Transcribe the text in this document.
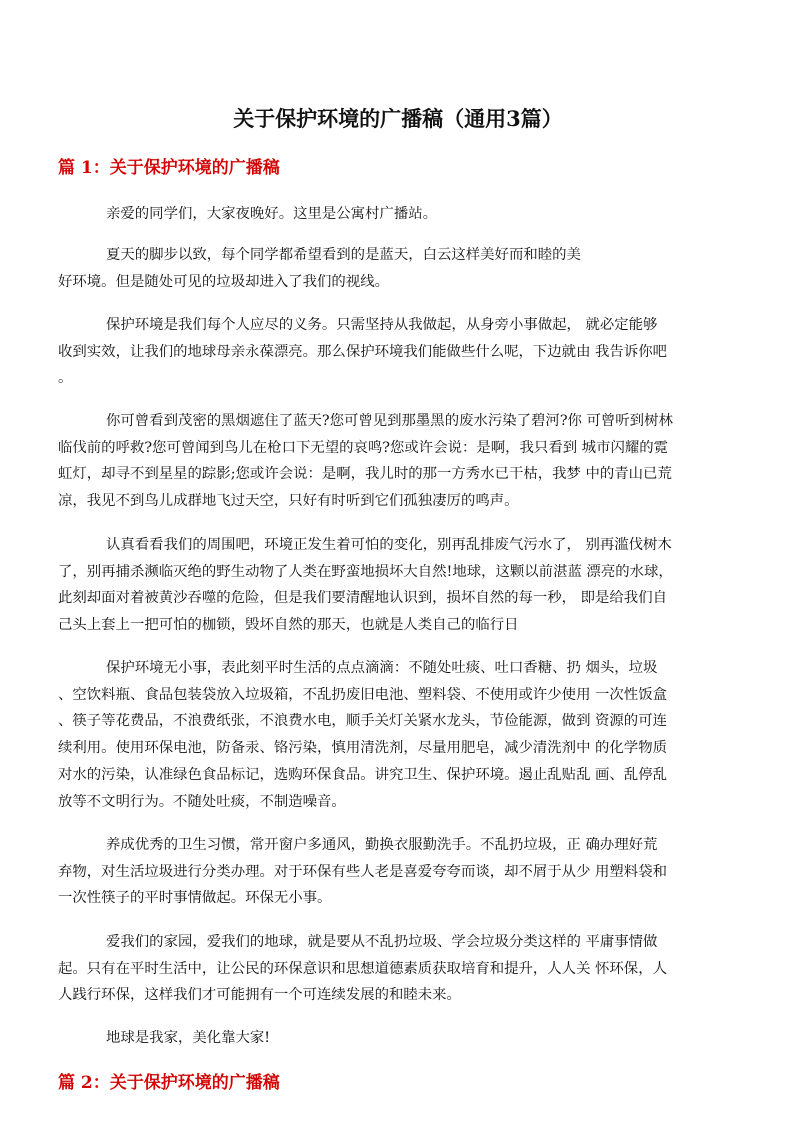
关于保护环境的广播稿（通用3篇）
篇 1：关于保护环境的广播稿
亲爱的同学们，大家夜晚好。这里是公寓村广播站。
夏天的脚步以致，每个同学都希望看到的是蓝天，白云这样美好而和睦的美
好环境。但是随处可见的垃圾却进入了我们的视线。
保护环境是我们每个人应尽的义务。只需坚持从我做起，从身旁小事做起， 就必定能够
收到实效，让我们的地球母亲永葆漂亮。那么保护环境我们能做些什么呢，下边就由 我告诉你吧
。
你可曾看到茂密的黑烟遮住了蓝天?您可曾见到那墨黑的废水污染了碧河?你 可曾听到树林
临伐前的呼救?您可曾闻到鸟儿在枪口下无望的哀鸣?您或许会说：是啊，我只看到 城市闪耀的霓
虹灯，却寻不到星星的踪影;您或许会说：是啊，我儿时的那一方秀水已干枯，我梦 中的青山已荒
凉，我见不到鸟儿成群地飞过天空，只好有时听到它们孤独凄厉的鸣声。
认真看看我们的周围吧，环境正发生着可怕的变化，别再乱排废气污水了， 别再滥伐树木
了，别再捕杀濒临灭绝的野生动物了人类在野蛮地损坏大自然!地球，这颗以前湛蓝 漂亮的水球，
此刻却面对着被黄沙吞噬的危险，但是我们要清醒地认识到，损坏自然的每一秒， 即是给我们自
己头上套上一把可怕的枷锁，毁坏自然的那天，也就是人类自己的临行日
保护环境无小事，表此刻平时生活的点点滴滴：不随处吐痰、吐口香糖、扔 烟头，垃圾
、空饮料瓶、食品包装袋放入垃圾箱，不乱扔废旧电池、塑料袋、不使用或许少使用 一次性饭盒
、筷子等花费品，不浪费纸张，不浪费水电，顺手关灯关紧水龙头，节俭能源，做到 资源的可连
续利用。使用环保电池，防备汞、铬污染，慎用清洗剂，尽量用肥皂，减少清洗剂中 的化学物质
对水的污染，认准绿色食品标记，选购环保食品。讲究卫生、保护环境。遏止乱贴乱 画、乱停乱
放等不文明行为。不随处吐痰，不制造噪音。
养成优秀的卫生习惯，常开窗户多通风，勤换衣服勤洗手。不乱扔垃圾，正 确办理好荒
弃物，对生活垃圾进行分类办理。对于环保有些人老是喜爱夸夸而谈，却不屑于从少 用塑料袋和
一次性筷子的平时事情做起。环保无小事。
爱我们的家园，爱我们的地球，就是要从不乱扔垃圾、学会垃圾分类这样的 平庸事情做
起。只有在平时生活中，让公民的环保意识和思想道德素质获取培育和提升，人人关 怀环保，人
人践行环保，这样我们才可能拥有一个可连续发展的和睦未来。
地球是我家，美化靠大家!
篇 2：关于保护环境的广播稿
